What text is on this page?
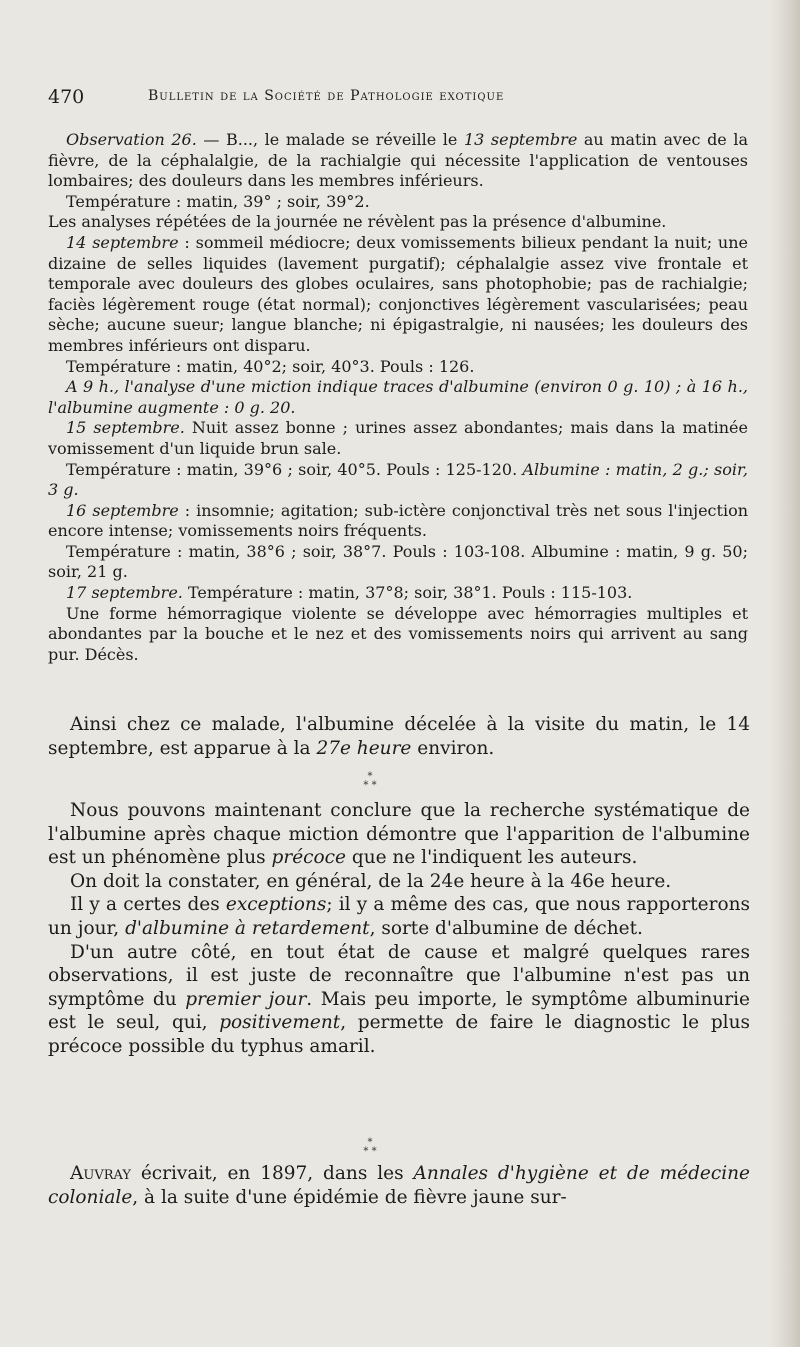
470	Bulletin de la Société de Pathologie exotique

Observation 26. — B..., le malade se réveille le 13 septembre au matin avec de la fièvre, de la céphalalgie, de la rachialgie qui nécessite l'application de ventouses lombaires; des douleurs dans les membres inférieurs.

Température : matin, 39° ; soir, 39°2.

Les analyses répétées de la journée ne révèlent pas la présence d'albumine.

14 septembre : sommeil médiocre; deux vomissements bilieux pendant la nuit; une dizaine de selles liquides (lavement purgatif); céphalalgie assez vive frontale et temporale avec douleurs des globes oculaires, sans photophobie; pas de rachialgie; faciès légèrement rouge (état normal); conjonctives légèrement vascularisées; peau sèche; aucune sueur; langue blanche; ni épigastralgie, ni nausées; les douleurs des membres inférieurs ont disparu.

Température : matin, 40°2; soir, 40°3. Pouls : 126.

A 9 h., l'analyse d'une miction indique traces d'albumine (environ 0 g. 10) ; à 16 h., l'albumine augmente : 0 g. 20.

15 septembre. Nuit assez bonne ; urines assez abondantes; mais dans la matinée vomissement d'un liquide brun sale.

Température : matin, 39°6 ; soir, 40°5. Pouls : 125-120. Albumine : matin, 2 g.; soir, 3 g.

16 septembre : insomnie; agitation; sub-ictère conjonctival très net sous l'injection encore intense; vomissements noirs fréquents.

Température : matin, 38°6 ; soir, 38°7. Pouls : 103-108. Albumine : matin, 9 g. 50; soir, 21 g.

17 septembre. Température : matin, 37°8; soir, 38°1. Pouls : 115-103.

Une forme hémorragique violente se développe avec hémorragies multiples et abondantes par la bouche et le nez et des vomissements noirs qui arrivent au sang pur. Décès.

Ainsi chez ce malade, l'albumine décelée à la visite du matin, le 14 septembre, est apparue à la 27e heure environ.

*
* *

Nous pouvons maintenant conclure que la recherche systématique de l'albumine après chaque miction démontre que l'apparition de l'albumine est un phénomène plus précoce que ne l'indiquent les auteurs.

On doit la constater, en général, de la 24e heure à la 46e heure.

Il y a certes des exceptions; il y a même des cas, que nous rapporterons un jour, d'albumine à retardement, sorte d'albumine de déchet.

D'un autre côté, en tout état de cause et malgré quelques rares observations, il est juste de reconnaître que l'albumine n'est pas un symptôme du premier jour. Mais peu importe, le symptôme albuminurie est le seul, qui, positivement, permette de faire le diagnostic le plus précoce possible du typhus amaril.

*
* *

Auvray écrivait, en 1897, dans les Annales d'hygiène et de médecine coloniale, à la suite d'une épidémie de fièvre jaune sur-
